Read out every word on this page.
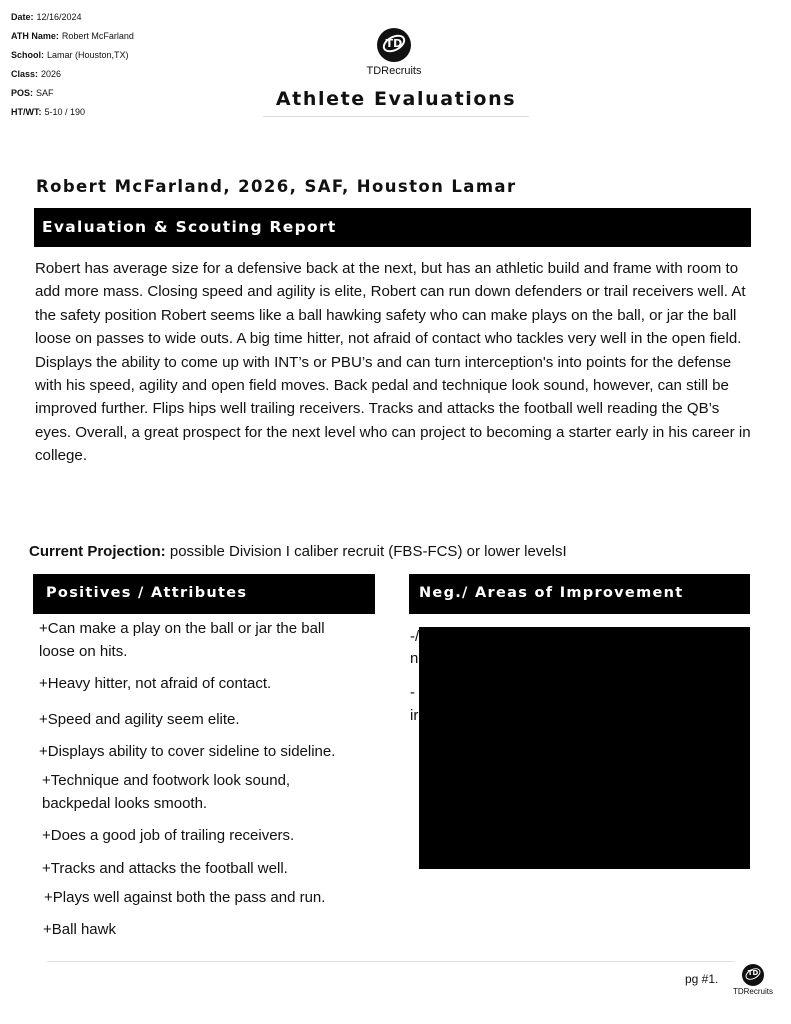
Date: 12/16/2024
ATH Name: Robert McFarland
School: Lamar (Houston,TX)
Class: 2026
POS: SAF
HT/WT: 5-10 / 190
TD
TDRecruits
Athlete Evaluations
Robert McFarland, 2026, SAF, Houston Lamar
Evaluation & Scouting Report
Robert has average size for a defensive back at the next, but has an athletic build and frame with room to add more mass. Closing speed and agility is elite, Robert can run down defenders or trail receivers well. At the safety position Robert seems like a ball hawking safety who can make plays on the ball, or jar the ball loose on passes to wide outs. A big time hitter, not afraid of contact who tackles very well in the open field. Displays the ability to come up with INT’s or PBU’s and can turn interception's into points for the defense with his speed, agility and open field moves. Back pedal and technique look sound, however, can still be improved further. Flips hips well trailing receivers. Tracks and attacks the football well reading the QB’s eyes. Overall, a great prospect for the next level who can project to becoming a starter early in his career in college.
Current Projection: possible Division I caliber recruit (FBS-FCS) or lower levelsI
Positives / Attributes	Neg./ Areas of Improvement
+Can make a play on the ball or jar the ball loose on hits.
+Heavy hitter, not afraid of contact.
+Speed and agility seem elite.
+Displays ability to cover sideline to sideline.
+Technique and footwork look sound, backpedal looks smooth.
+Does a good job of trailing receivers.
+Tracks and attacks the football well.
+Plays well against both the pass and run.
+Ball hawk
-/
n
-
ir
pg #1.	TD
TDRecruits
